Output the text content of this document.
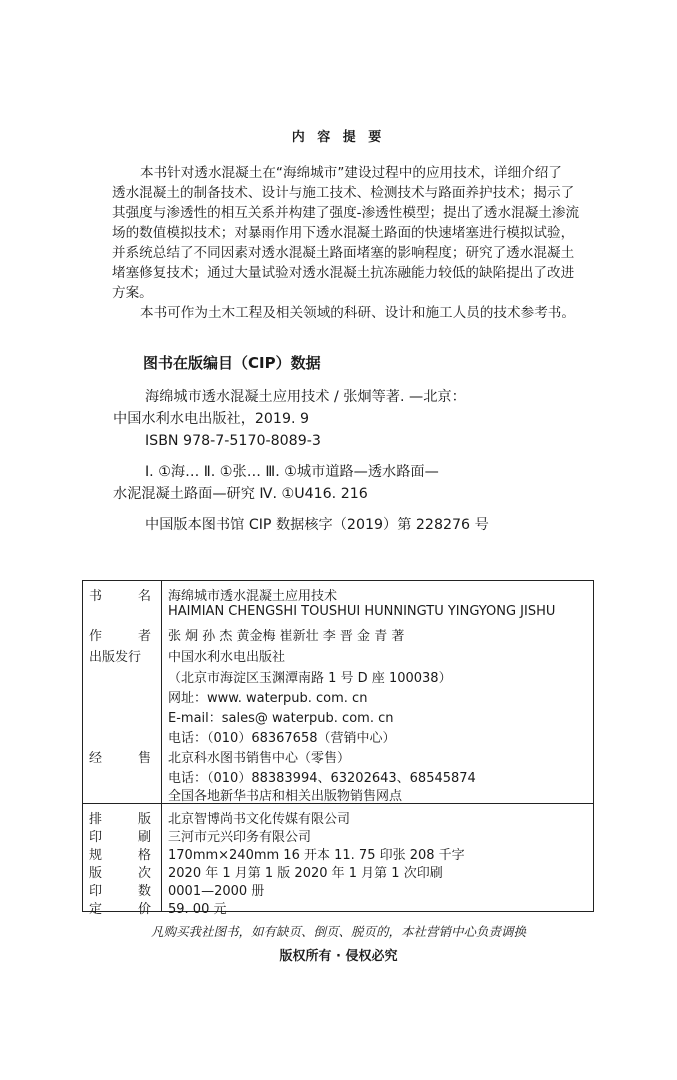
内 容 提 要
本书针对透水混凝土在“海绵城市”建设过程中的应用技术，详细介绍了
透水混凝土的制备技术、设计与施工技术、检测技术与路面养护技术；揭示了
其强度与渗透性的相互关系并构建了强度-渗透性模型；提出了透水混凝土渗流
场的数值模拟技术；对暴雨作用下透水混凝土路面的快速堵塞进行模拟试验，
并系统总结了不同因素对透水混凝土路面堵塞的影响程度；研究了透水混凝土
堵塞修复技术；通过大量试验对透水混凝土抗冻融能力较低的缺陷提出了改进
方案。
本书可作为土木工程及相关领域的科研、设计和施工人员的技术参考书。
图书在版编目（CIP）数据
海绵城市透水混凝土应用技术 / 张炯等著. —北京：
中国水利水电出版社，2019. 9
ISBN 978-7-5170-8089-3
Ⅰ. ①海… Ⅱ. ①张… Ⅲ. ①城市道路—透水路面—
水泥混凝土路面—研究 Ⅳ. ①U416. 216
中国版本图书馆 CIP 数据核字（2019）第 228276 号
书	名 海绵城市透水混凝土应用技术
HAIMIAN CHENGSHI TOUSHUI HUNNINGTU YINGYONG JISHU
作	者 张 炯 孙 杰 黄金梅 崔新壮 李 晋 金 青 著
出版发行 中国水利水电出版社
（北京市海淀区玉渊潭南路 1 号 D 座 100038）
网址：www. waterpub. com. cn
E-mail：sales@ waterpub. com. cn
电话：（010）68367658（营销中心）
经	售 北京科水图书销售中心（零售）
电话：（010）88383994、63202643、68545874
全国各地新华书店和相关出版物销售网点
排	版 北京智博尚书文化传媒有限公司
印	刷 三河市元兴印务有限公司
规	格 170mm×240mm 16 开本 11. 75 印张 208 千字
版	次 2020 年 1 月第 1 版 2020 年 1 月第 1 次印刷
印	数 0001—2000 册
定	价 59. 00 元
凡购买我社图书，如有缺页、倒页、脱页的，本社营销中心负责调换
版权所有 · 侵权必究
